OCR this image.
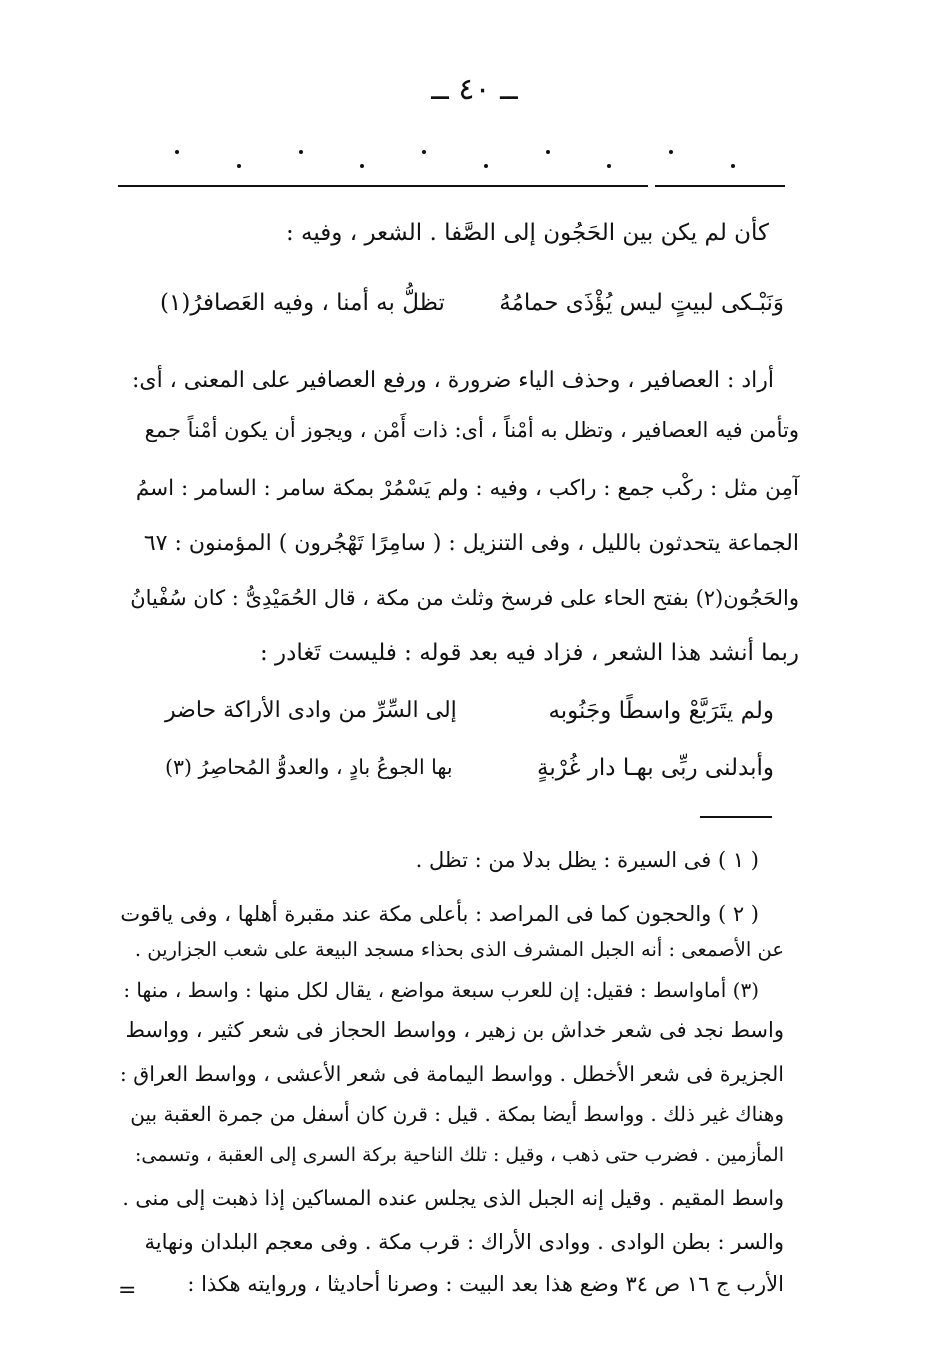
ــ ٤٠ ــ
كأن لم يكن بين الحَجُون إلى الصَّفا . الشعر ، وفيه :
وَنَبْـكى لبيتٍ ليس يُؤْذَى حمامُهُ
تظلُّ به أمنا ، وفيه العَصافرُ(١)
أراد : العصافير ، وحذف الياء ضرورة ، ورفع العصافير على المعنى ، أى:
وتأمن فيه العصافير ، وتظل به أمْناً ، أى: ذات أَمْن ، ويجوز أن يكون أمْناً جمع
آمِن مثل : ركْب جمع : راكب ، وفيه : ولم يَسْمُرْ بمكة سامر : السامر : اسمُ
الجماعة يتحدثون بالليل ، وفى التنزيل : ( سامِرًا تَهْجُرون ) المؤمنون : ٦٧
والحَجُون(٢) بفتح الحاء على فرسخ وثلث من مكة ، قال الحُمَيْدِىُّ : كان سُفْيانُ
ربما أنشد هذا الشعر ، فزاد فيه بعد قوله : فليست تَغادر :
ولم يتَرَبَّعْ واسطًا وجَنُوبه
إلى السِّرِّ من وادى الأراكة حاضر
وأبدلنى ربِّى بهـا دار غُرْبةٍ
بها الجوعُ بادٍ ، والعدوُّ المُحاصِرُ (٣)
( ١ ) فى السيرة : يظل بدلا من : تظل .
( ٢ ) والحجون كما فى المراصد : بأعلى مكة عند مقبرة أهلها ، وفى ياقوت
عن الأصمعى : أنه الجبل المشرف الذى بحذاء مسجد البيعة على شعب الجزارين .
(٣) أماواسط : فقيل: إن للعرب سبعة مواضع ، يقال لكل منها : واسط ، منها :
واسط نجد فى شعر خداش بن زهير ، وواسط الحجاز فى شعر كثير ، وواسط
الجزيرة فى شعر الأخطل . وواسط اليمامة فى شعر الأعشى ، وواسط العراق :
وهناك غير ذلك . وواسط أيضا بمكة . قيل : قرن كان أسفل من جمرة العقبة بين
المأزمين . فضرب حتى ذهب ، وقيل : تلك الناحية بركة السرى إلى العقبة ، وتسمى:
واسط المقيم . وقيل إنه الجبل الذى يجلس عنده المساكين إذا ذهبت إلى منى .
والسر : بطن الوادى . ووادى الأراك : قرب مكة . وفى معجم البلدان ونهاية
الأرب ج ١٦ ص ٣٤ وضع هذا بعد البيت : وصرنا أحاديثا ، وروايته هكذا :
=
